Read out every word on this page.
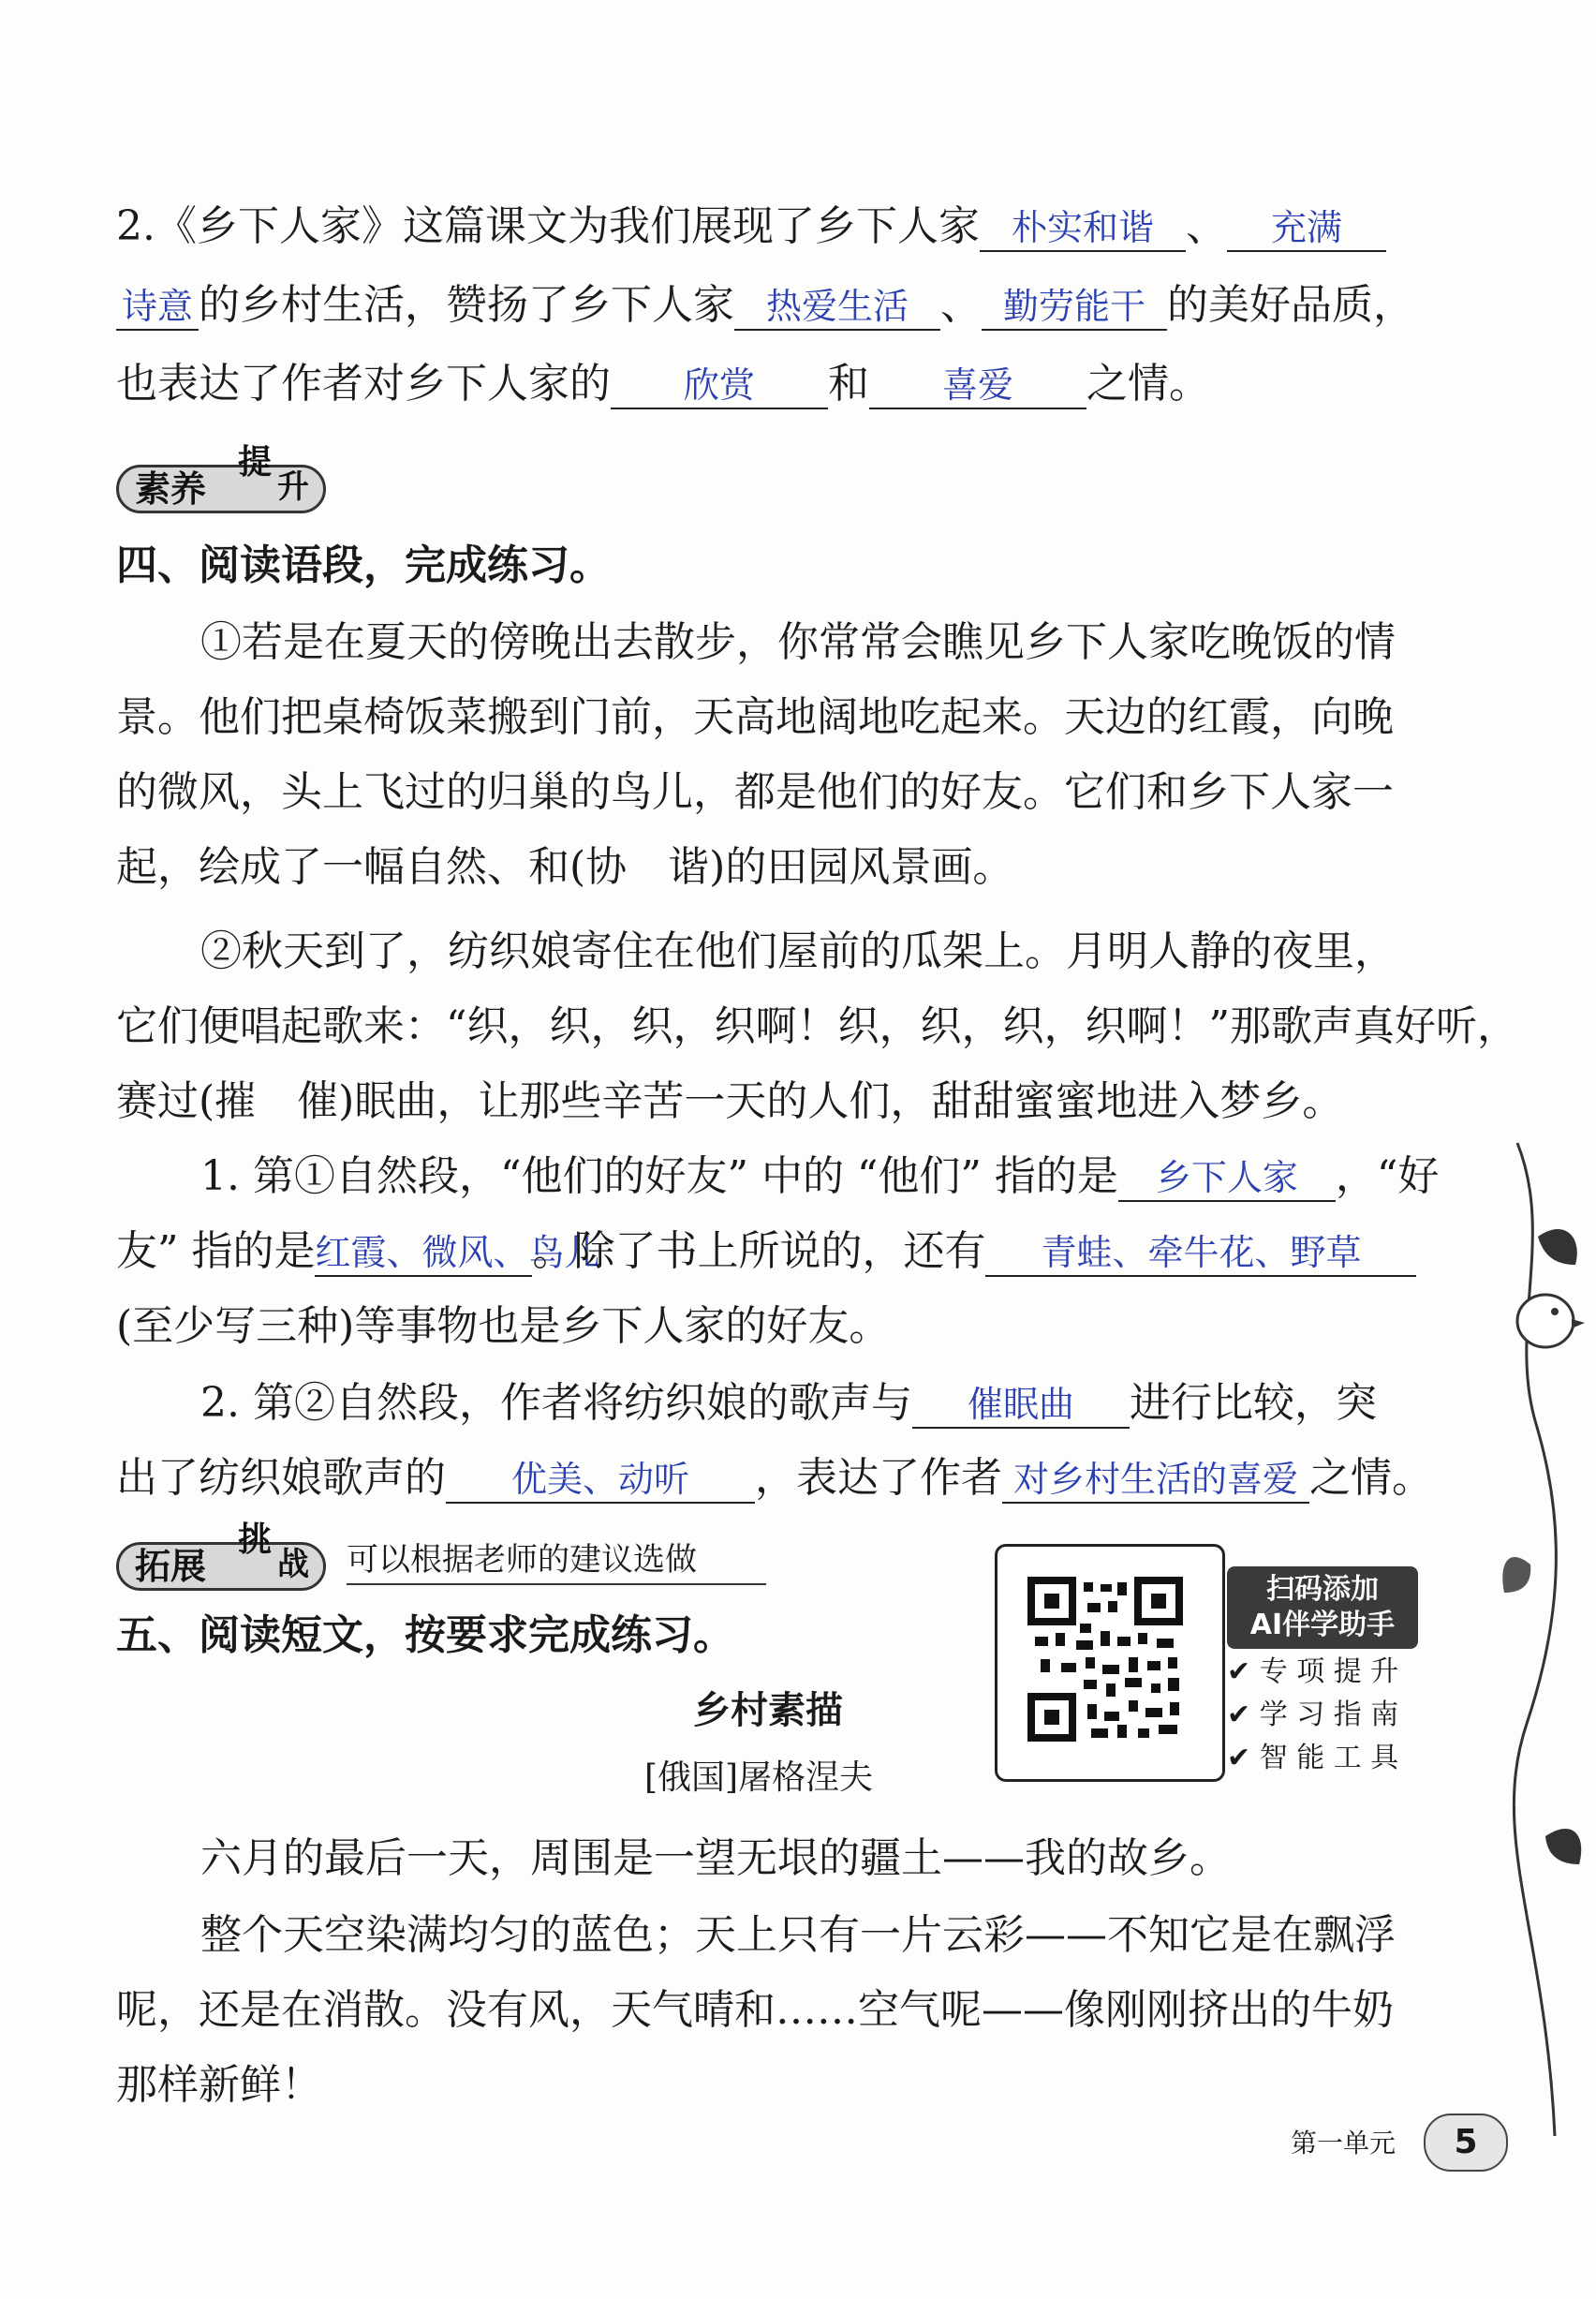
2.《乡下人家》这篇课文为我们展现了乡下人家 朴实和谐 、 充满
诗意 的乡村生活，赞扬了乡下人家 热爱生活 、 勤劳能干 的美好品质，
也表达了作者对乡下人家的 欣赏 和 喜爱 之情。
素养
提
升
四、阅读语段，完成练习。
①若是在夏天的傍晚出去散步，你常常会瞧见乡下人家吃晚饭的情
景。他们把桌椅饭菜搬到门前，天高地阔地吃起来。天边的红霞，向晚
的微风，头上飞过的归巢的鸟儿，都是他们的好友。它们和乡下人家一
起，绘成了一幅自然、和(协　谐)的田园风景画。
②秋天到了，纺织娘寄住在他们屋前的瓜架上。月明人静的夜里，
它们便唱起歌来：“织，织，织，织啊！织，织，织，织啊！”那歌声真好听，
赛过(摧　催)眠曲，让那些辛苦一天的人们，甜甜蜜蜜地进入梦乡。
1. 第①自然段，“他们的好友” 中的 “他们” 指的是 乡下人家 ，“好
友” 指的是红霞、微风、鸟儿。除了书上所说的，还有 青蛙、牵牛花、野草
(至少写三种)等事物也是乡下人家的好友。
2. 第②自然段，作者将纺织娘的歌声与 催眠曲 进行比较，突
出了纺织娘歌声的 优美、动听 ，表达了作者 对乡村生活的喜爱 之情。
拓展
挑
战 可以根据老师的建议选做
五、阅读短文，按要求完成练习。
乡村素描
[俄国]屠格涅夫
扫码添加
AI伴学助手
✔ 专 项 提 升
✔ 学 习 指 南
✔ 智 能 工 具
六月的最后一天，周围是一望无垠的疆土——我的故乡。
整个天空染满均匀的蓝色；天上只有一片云彩——不知它是在飘浮
呢，还是在消散。没有风，天气晴和……空气呢——像刚刚挤出的牛奶
那样新鲜！
第一单元	5
